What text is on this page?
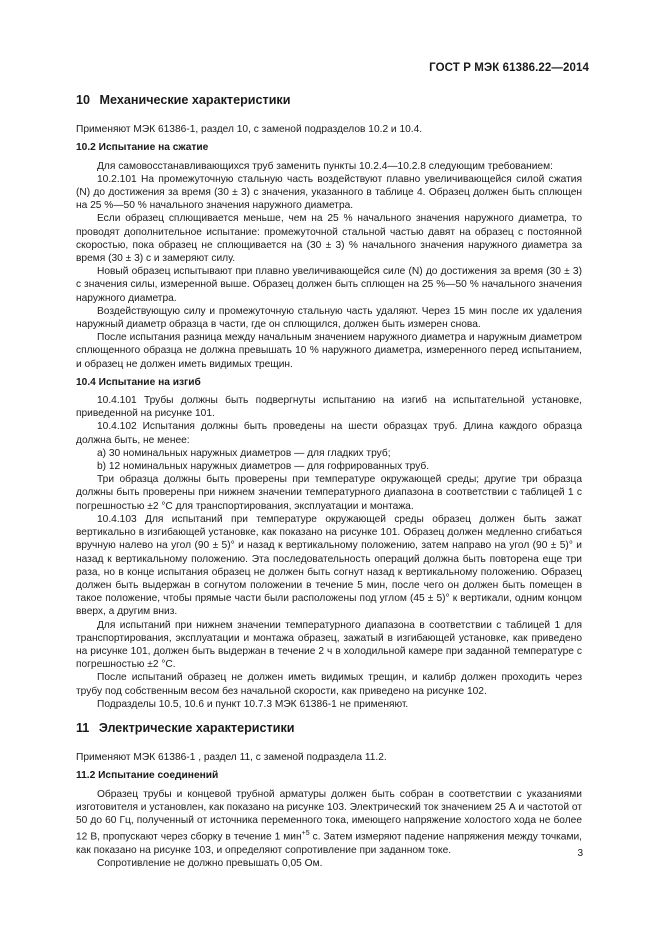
ГОСТ Р МЭК 61386.22—2014
10 Механические характеристики
Применяют МЭК 61386-1, раздел 10, с заменой подразделов 10.2 и 10.4.
10.2 Испытание на сжатие
Для самовосстанавливающихся труб заменить пункты 10.2.4—10.2.8 следующим требованием:
10.2.101 На промежуточную стальную часть воздействуют плавно увеличивающейся силой сжатия (N) до достижения за время (30 ± 3) с значения, указанного в таблице 4. Образец должен быть сплющен на 25 %—50 % начального значения наружного диаметра.
Если образец сплющивается меньше, чем на 25 % начального значения наружного диаметра, то проводят дополнительное испытание: промежуточной стальной частью давят на образец с постоянной скоростью, пока образец не сплющивается на (30 ± 3) % начального значения наружного диаметра за время (30 ± 3) с и замеряют силу.
Новый образец испытывают при плавно увеличивающейся силе (N) до достижения за время (30 ± 3) с значения силы, измеренной выше. Образец должен быть сплющен на 25 %—50 % начального значения наружного диаметра.
Воздействующую силу и промежуточную стальную часть удаляют. Через 15 мин после их удаления наружный диаметр образца в части, где он сплющился, должен быть измерен снова.
После испытания разница между начальным значением наружного диаметра и наружным диаметром сплющенного образца не должна превышать 10 % наружного диаметра, измеренного перед испытанием, и образец не должен иметь видимых трещин.
10.4 Испытание на изгиб
10.4.101 Трубы должны быть подвергнуты испытанию на изгиб на испытательной установке, приведенной на рисунке 101.
10.4.102 Испытания должны быть проведены на шести образцах труб. Длина каждого образца должна быть, не менее:
а) 30 номинальных наружных диаметров — для гладких труб;
b) 12 номинальных наружных диаметров — для гофрированных труб.
Три образца должны быть проверены при температуре окружающей среды; другие три образца должны быть проверены при нижнем значении температурного диапазона в соответствии с таблицей 1 с погрешностью ±2 °C для транспортирования, эксплуатации и монтажа.
10.4.103 Для испытаний при температуре окружающей среды образец должен быть зажат вертикально в изгибающей установке, как показано на рисунке 101. Образец должен медленно сгибаться вручную налево на угол (90 ± 5)° и назад к вертикальному положению, затем направо на угол (90 ± 5)° и назад к вертикальному положению. Эта последовательность операций должна быть повторена еще три раза, но в конце испытания образец не должен быть согнут назад к вертикальному положению. Образец должен быть выдержан в согнутом положении в течение 5 мин, после чего он должен быть помещен в такое положение, чтобы прямые части были расположены под углом (45 ± 5)° к вертикали, одним концом вверх, а другим вниз.
Для испытаний при нижнем значении температурного диапазона в соответствии с таблицей 1 для транспортирования, эксплуатации и монтажа образец, зажатый в изгибающей установке, как приведено на рисунке 101, должен быть выдержан в течение 2 ч в холодильной камере при заданной температуре с погрешностью ±2 °C.
После испытаний образец не должен иметь видимых трещин, и калибр должен проходить через трубу под собственным весом без начальной скорости, как приведено на рисунке 102.
Подразделы 10.5, 10.6 и пункт 10.7.3 МЭК 61386-1 не применяют.
11 Электрические характеристики
Применяют МЭК 61386-1 , раздел 11, с заменой подраздела 11.2.
11.2 Испытание соединений
Образец трубы и концевой трубной арматуры должен быть собран в соответствии с указаниями изготовителя и установлен, как показано на рисунке 103. Электрический ток значением 25 А и частотой от 50 до 60 Гц, полученный от источника переменного тока, имеющего напряжение холостого хода не более 12 В, пропускают через сборку в течение 1 мин$^{+5}$ с. Затем измеряют падение напряжения между точками, как показано на рисунке 103, и определяют сопротивление при заданном токе.
Сопротивление не должно превышать 0,05 Ом.
3
